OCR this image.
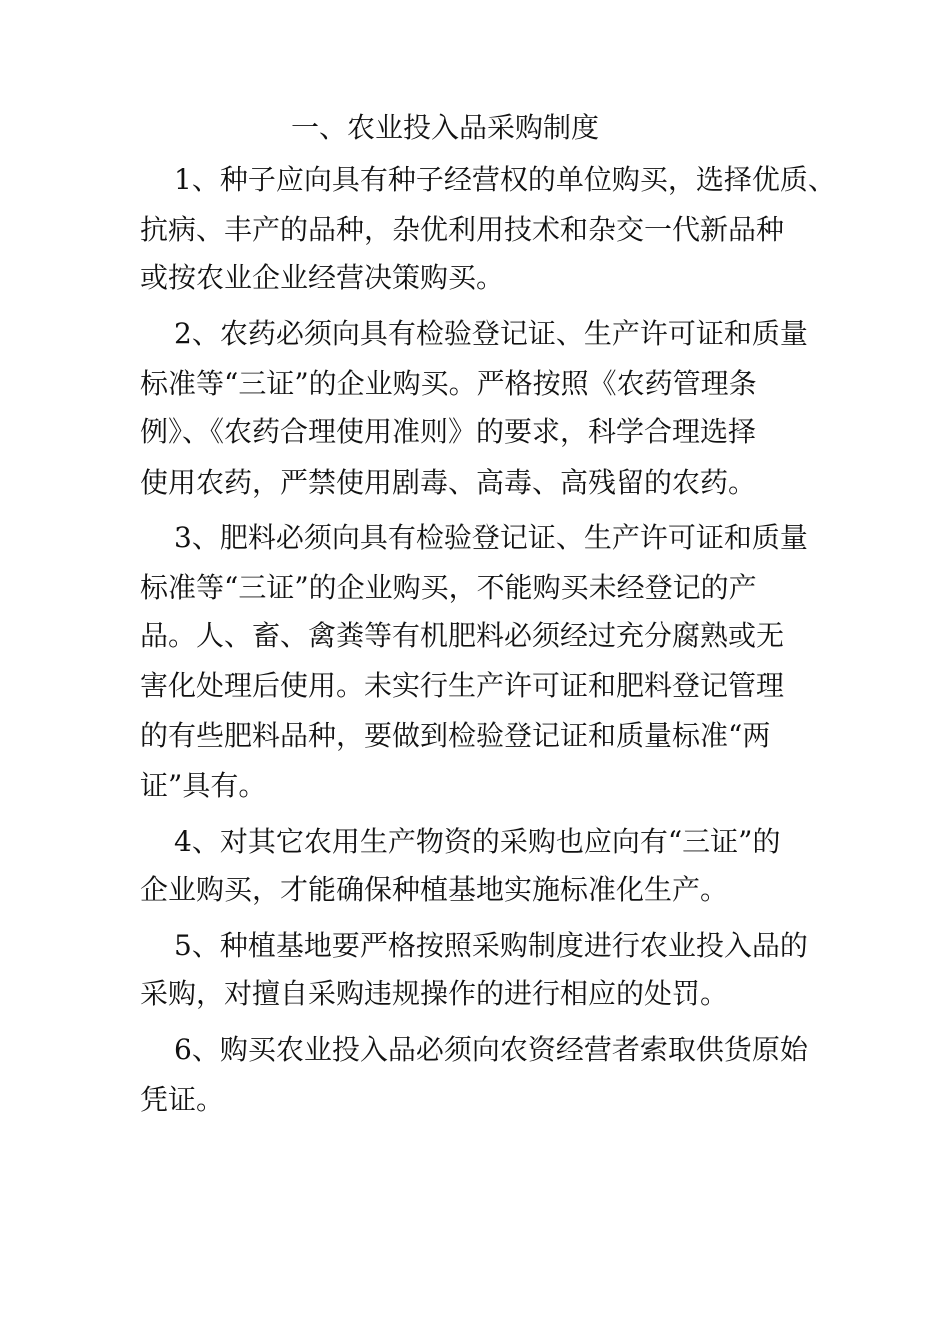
一、农业投入品采购制度
1、种子应向具有种子经营权的单位购买，选择优质、
抗病、丰产的品种，杂优利用技术和杂交一代新品种
或按农业企业经营决策购买。
2、农药必须向具有检验登记证、生产许可证和质量
标准等“三证”的企业购买。严格按照《农药管理条
例》、《农药合理使用准则》的要求，科学合理选择
使用农药，严禁使用剧毒、高毒、高残留的农药。
3、肥料必须向具有检验登记证、生产许可证和质量
标准等“三证”的企业购买，不能购买未经登记的产
品。人、畜、禽粪等有机肥料必须经过充分腐熟或无
害化处理后使用。未实行生产许可证和肥料登记管理
的有些肥料品种，要做到检验登记证和质量标准“两
证”具有。
4、对其它农用生产物资的采购也应向有“三证”的
企业购买，才能确保种植基地实施标准化生产。
5、种植基地要严格按照采购制度进行农业投入品的
采购，对擅自采购违规操作的进行相应的处罚。
6、购买农业投入品必须向农资经营者索取供货原始
凭证。
